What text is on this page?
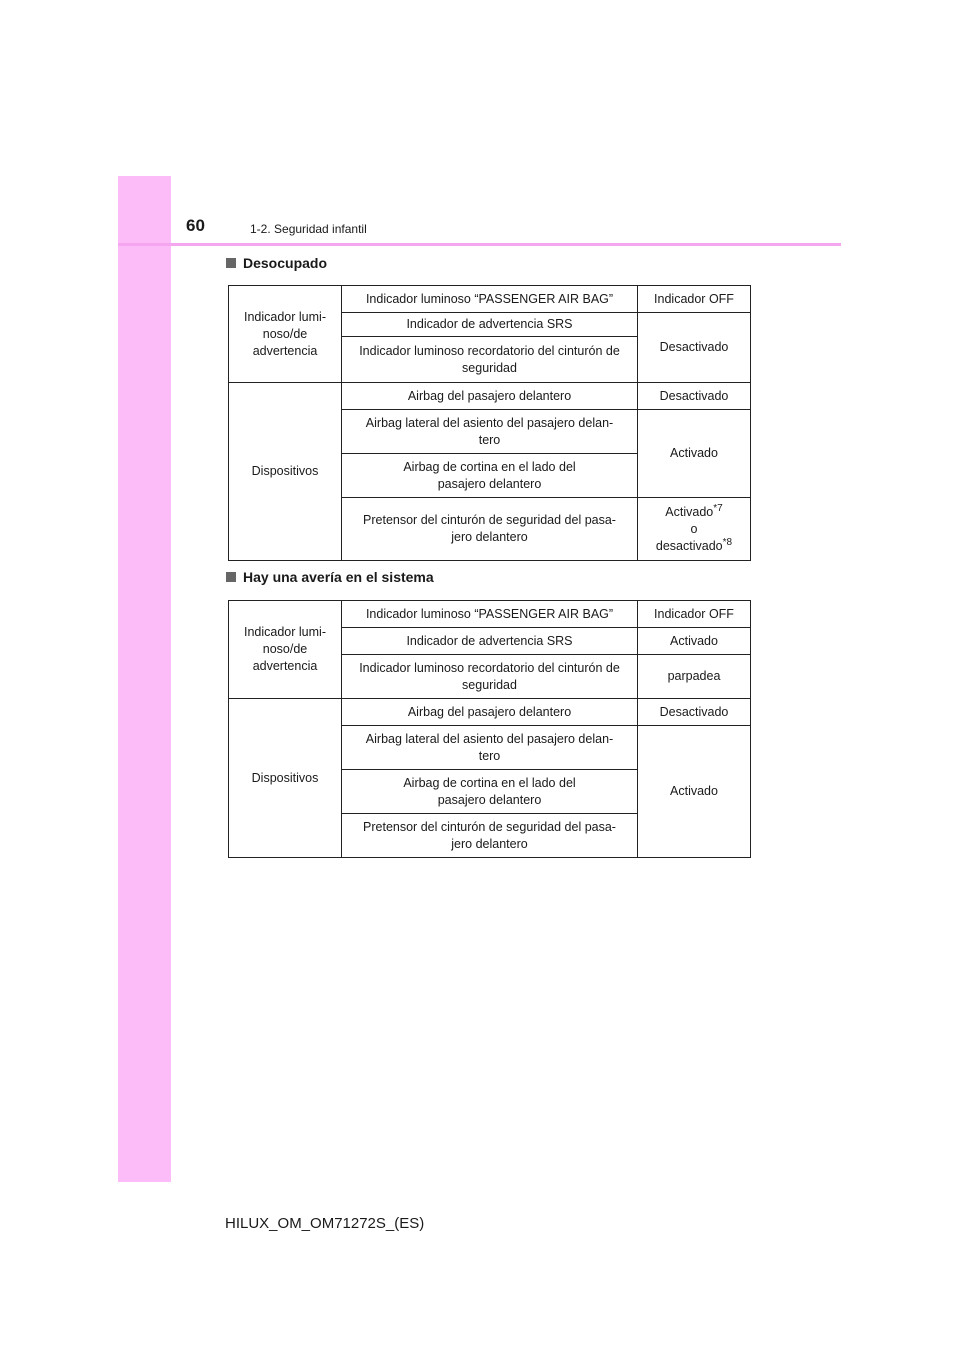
60	1-2. Seguridad infantil
Desocupado
Indicador lumi-
noso/de
advertencia	Indicador luminoso “PASSENGER AIR BAG”	Indicador OFF
	Indicador de advertencia SRS	Desactivado
	Indicador luminoso recordatorio del cinturón de
seguridad	
Dispositivos	Airbag del pasajero delantero	Desactivado
	Airbag lateral del asiento del pasajero delan-
tero	Activado
	Airbag de cortina en el lado del
pasajero delantero	
	Pretensor del cinturón de seguridad del pasa-
jero delantero	Activado$^{*7}$
o
desactivado$^{*8}$
Hay una avería en el sistema
Indicador lumi-
noso/de
advertencia	Indicador luminoso “PASSENGER AIR BAG”	Indicador OFF
	Indicador de advertencia SRS	Activado
	Indicador luminoso recordatorio del cinturón de
seguridad	parpadea
Dispositivos	Airbag del pasajero delantero	Desactivado
	Airbag lateral del asiento del pasajero delan-
tero	Activado
	Airbag de cortina en el lado del
pasajero delantero	
	Pretensor del cinturón de seguridad del pasa-
jero delantero	
HILUX_OM_OM71272S_(ES)
